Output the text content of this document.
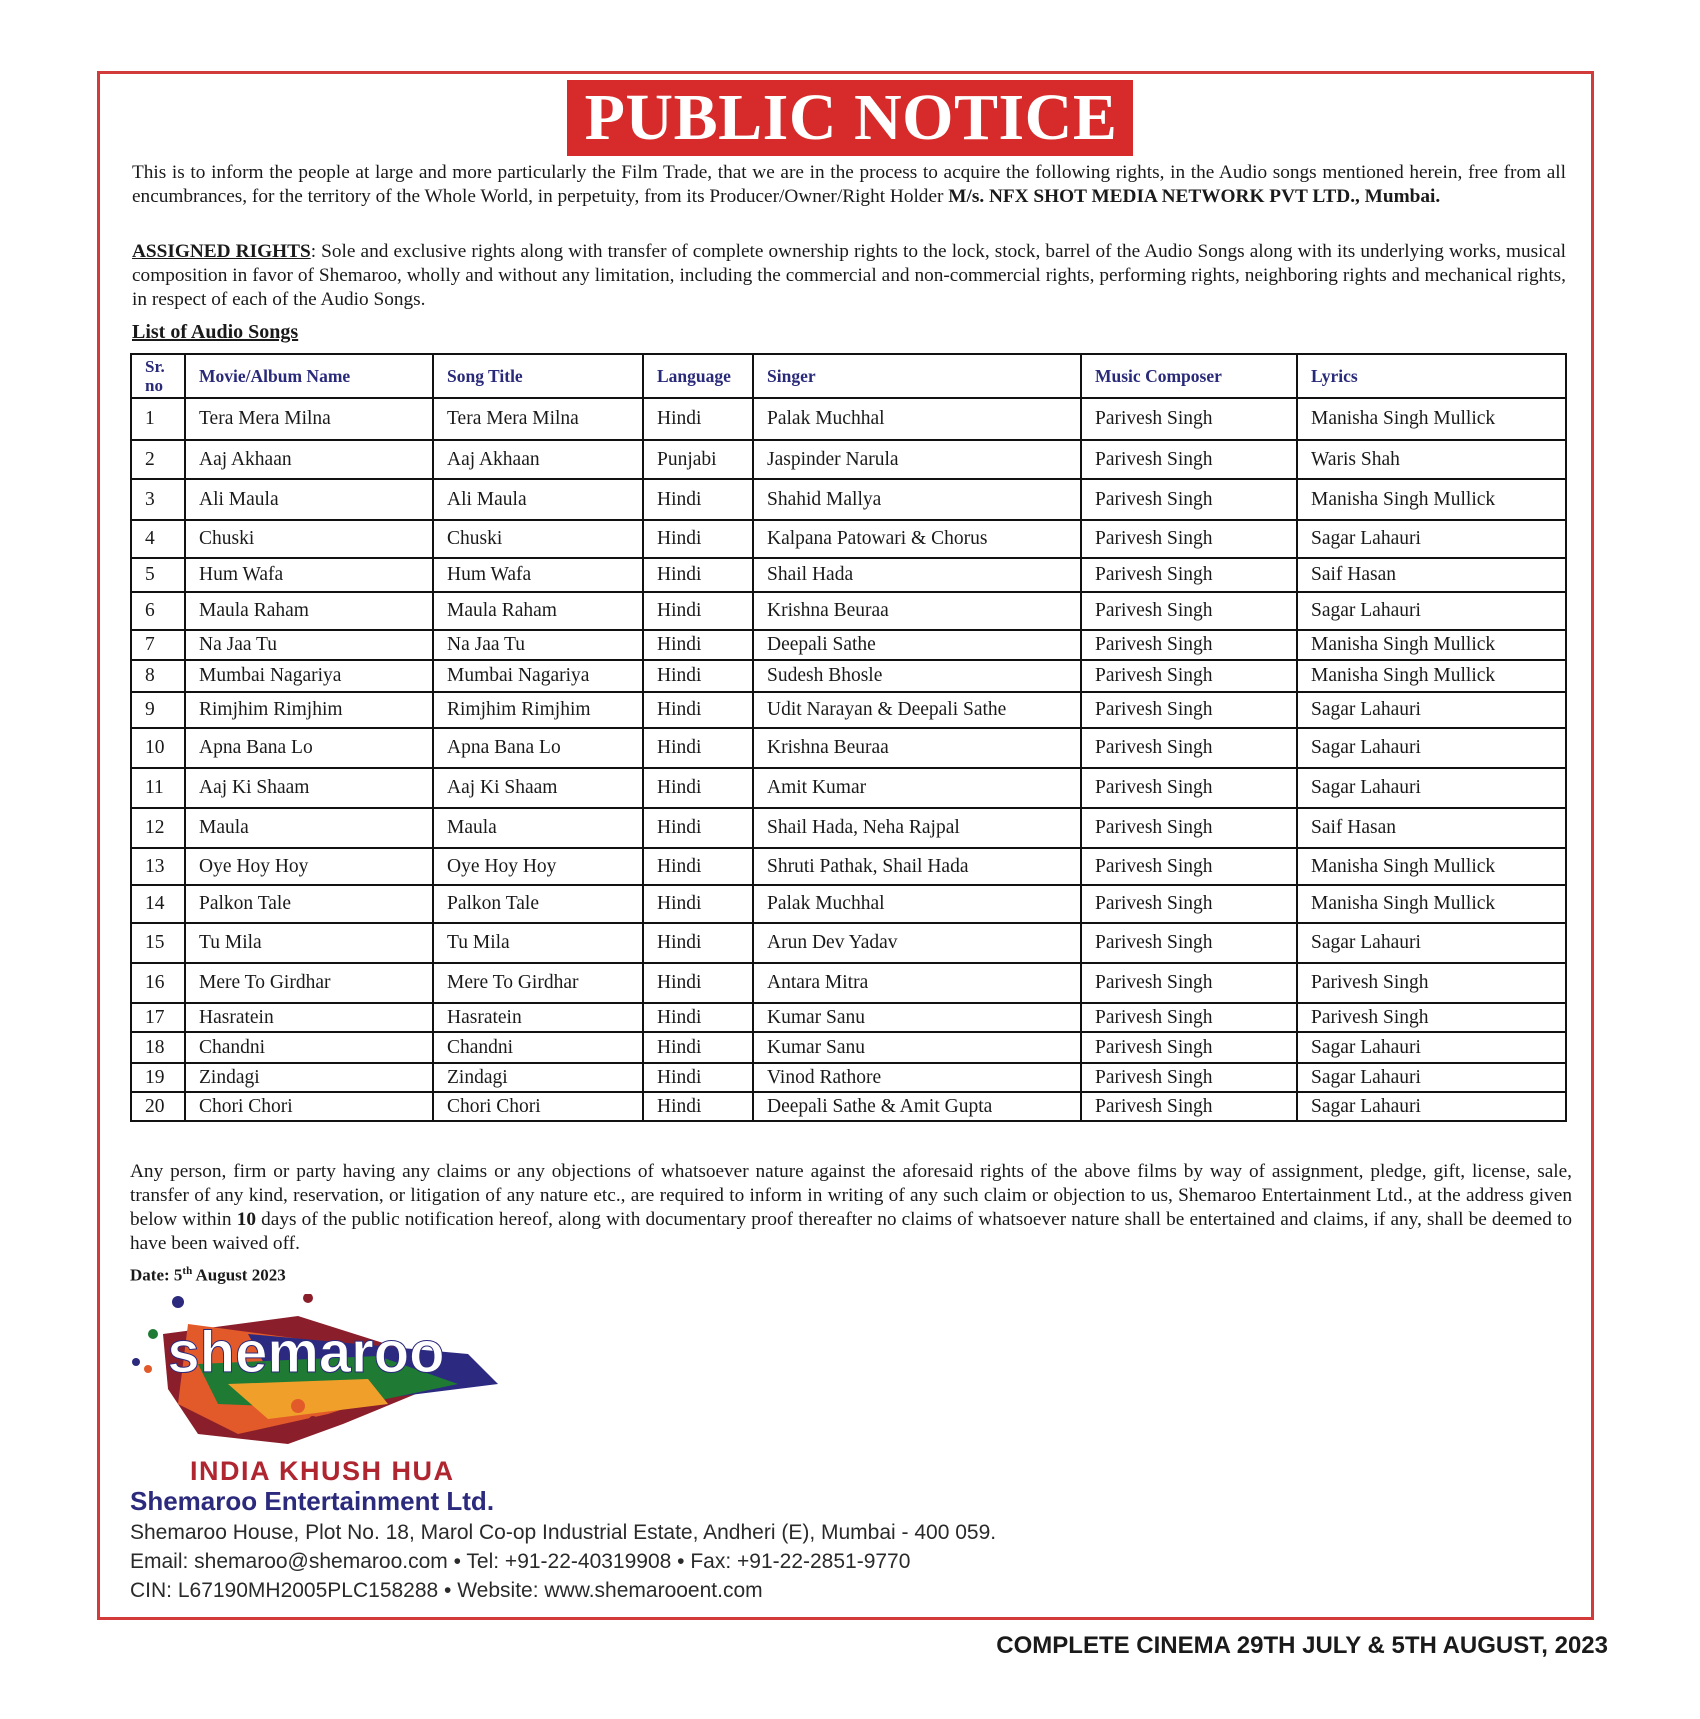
PUBLIC NOTICE
This is to inform the people at large and more particularly the Film Trade, that we are in the process to acquire the following rights, in the Audio songs mentioned herein, free from all encumbrances, for the territory of the Whole World, in perpetuity, from its Producer/Owner/Right Holder M/s. NFX SHOT MEDIA NETWORK PVT LTD., Mumbai.
ASSIGNED RIGHTS: Sole and exclusive rights along with transfer of complete ownership rights to the lock, stock, barrel of the Audio Songs along with its underlying works, musical composition in favor of Shemaroo, wholly and without any limitation, including the commercial and non-commercial rights, performing rights, neighboring rights and mechanical rights, in respect of each of the Audio Songs.
List of Audio Songs
Sr. no	Movie/Album Name	Song Title	Language	Singer	Music Composer	Lyrics
1	Tera Mera Milna	Tera Mera Milna	Hindi	Palak Muchhal	Parivesh Singh	Manisha Singh Mullick
2	Aaj Akhaan	Aaj Akhaan	Punjabi	Jaspinder Narula	Parivesh Singh	Waris Shah
3	Ali Maula	Ali Maula	Hindi	Shahid Mallya	Parivesh Singh	Manisha Singh Mullick
4	Chuski	Chuski	Hindi	Kalpana Patowari & Chorus	Parivesh Singh	Sagar Lahauri
5	Hum Wafa	Hum Wafa	Hindi	Shail Hada	Parivesh Singh	Saif Hasan
6	Maula Raham	Maula Raham	Hindi	Krishna Beuraa	Parivesh Singh	Sagar Lahauri
7	Na Jaa Tu	Na Jaa Tu	Hindi	Deepali Sathe	Parivesh Singh	Manisha Singh Mullick
8	Mumbai Nagariya	Mumbai Nagariya	Hindi	Sudesh Bhosle	Parivesh Singh	Manisha Singh Mullick
9	Rimjhim Rimjhim	Rimjhim Rimjhim	Hindi	Udit Narayan & Deepali Sathe	Parivesh Singh	Sagar Lahauri
10	Apna Bana Lo	Apna Bana Lo	Hindi	Krishna Beuraa	Parivesh Singh	Sagar Lahauri
11	Aaj Ki Shaam	Aaj Ki Shaam	Hindi	Amit Kumar	Parivesh Singh	Sagar Lahauri
12	Maula	Maula	Hindi	Shail Hada, Neha Rajpal	Parivesh Singh	Saif Hasan
13	Oye Hoy Hoy	Oye Hoy Hoy	Hindi	Shruti Pathak, Shail Hada	Parivesh Singh	Manisha Singh Mullick
14	Palkon Tale	Palkon Tale	Hindi	Palak Muchhal	Parivesh Singh	Manisha Singh Mullick
15	Tu Mila	Tu Mila	Hindi	Arun Dev Yadav	Parivesh Singh	Sagar Lahauri
16	Mere To Girdhar	Mere To Girdhar	Hindi	Antara Mitra	Parivesh Singh	Parivesh Singh
17	Hasratein	Hasratein	Hindi	Kumar Sanu	Parivesh Singh	Parivesh Singh
18	Chandni	Chandni	Hindi	Kumar Sanu	Parivesh Singh	Sagar Lahauri
19	Zindagi	Zindagi	Hindi	Vinod Rathore	Parivesh Singh	Sagar Lahauri
20	Chori Chori	Chori Chori	Hindi	Deepali Sathe & Amit Gupta	Parivesh Singh	Sagar Lahauri
Any person, firm or party having any claims or any objections of whatsoever nature against the aforesaid rights of the above films by way of assignment, pledge, gift, license, sale, transfer of any kind, reservation, or litigation of any nature etc., are required to inform in writing of any such claim or objection to us, Shemaroo Entertainment Ltd., at the address given below within 10 days of the public notification hereof, along with documentary proof thereafter no claims of whatsoever nature shall be entertained and claims, if any, shall be deemed to have been waived off.
Date: 5th August 2023
shemaroo
INDIA KHUSH HUA
Shemaroo Entertainment Ltd.
Shemaroo House, Plot No. 18, Marol Co-op Industrial Estate, Andheri (E), Mumbai - 400 059.
Email: shemaroo@shemaroo.com • Tel: +91-22-40319908 • Fax: +91-22-2851-9770
CIN: L67190MH2005PLC158288 • Website: www.shemarooent.com
COMPLETE CINEMA 29TH JULY & 5TH AUGUST, 2023
